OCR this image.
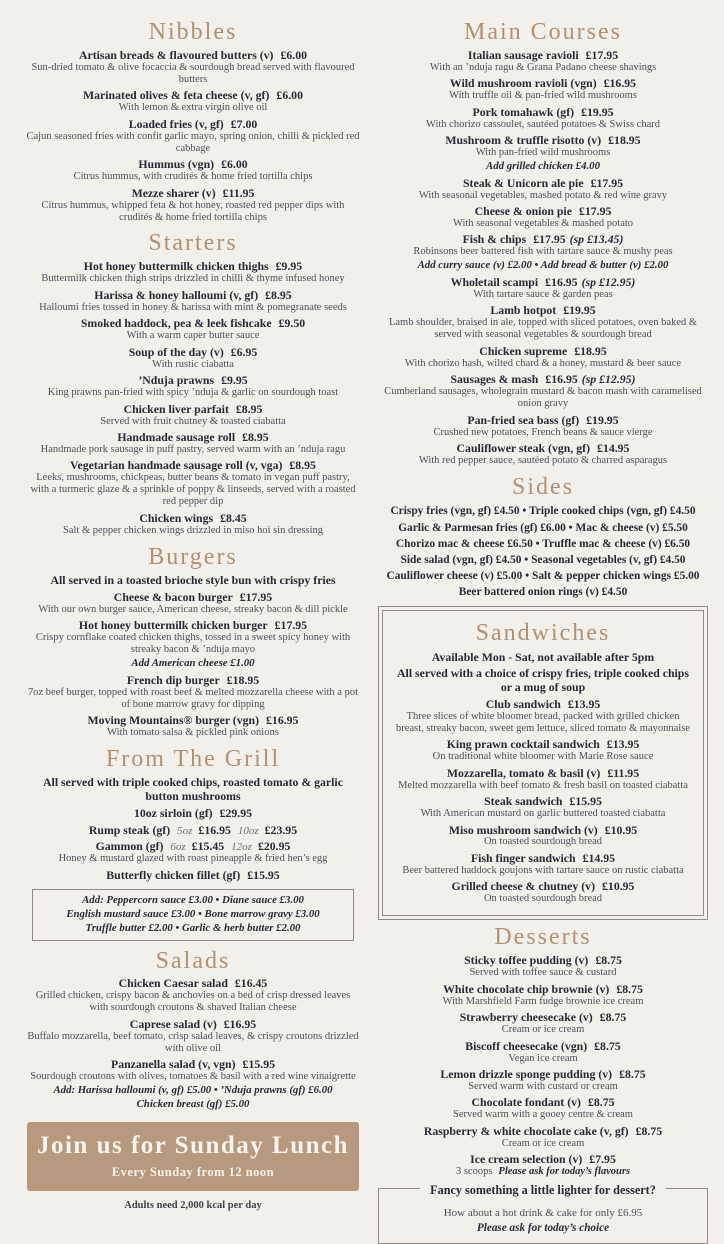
Nibbles
Artisan breads & flavoured butters (v) £6.00
Sun-dried tomato & olive focaccia & sourdough bread served with flavoured butters
Marinated olives & feta cheese (v, gf) £6.00
With lemon & extra virgin olive oil
Loaded fries (v, gf) £7.00
Cajun seasoned fries with confit garlic mayo, spring onion, chilli & pickled red cabbage
Hummus (vgn) £6.00
Citrus hummus, with crudités & home fried tortilla chips
Mezze sharer (v) £11.95
Citrus hummus, whipped feta & hot honey, roasted red pepper dips with crudités & home fried tortilla chips
Starters
Hot honey buttermilk chicken thighs £9.95
Buttermilk chicken thigh strips drizzled in chilli & thyme infused honey
Harissa & honey halloumi (v, gf) £8.95
Halloumi fries tossed in honey & harissa with mint & pomegranate seeds
Smoked haddock, pea & leek fishcake £9.50
With a warm caper butter sauce
Soup of the day (v) £6.95
With rustic ciabatta
’Nduja prawns £9.95
King prawns pan-fried with spicy ’nduja & garlic on sourdough toast
Chicken liver parfait £8.95
Served with fruit chutney & toasted ciabatta
Handmade sausage roll £8.95
Handmade pork sausage in puff pastry, served warm with an ’nduja ragu
Vegetarian handmade sausage roll (v, vga) £8.95
Leeks, mushrooms, chickpeas, butter beans & tomato in vegan puff pastry, with a turmeric glaze & a sprinkle of poppy & linseeds, served with a roasted red pepper dip
Chicken wings £8.45
Salt & pepper chicken wings drizzled in miso hoi sin dressing
Burgers
All served in a toasted brioche style bun with crispy fries
Cheese & bacon burger £17.95
With our own burger sauce, American cheese, streaky bacon & dill pickle
Hot honey buttermilk chicken burger £17.95
Crispy cornflake coated chicken thighs, tossed in a sweet spicy honey with streaky bacon & ’nduja mayo
Add American cheese £1.00
French dip burger £18.95
7oz beef burger, topped with roast beef & melted mozzarella cheese with a pot of bone marrow gravy for dipping
Moving Mountains® burger (vgn) £16.95
With tomato salsa & pickled pink onions
From The Grill
All served with triple cooked chips, roasted tomato & garlic button mushrooms
10oz sirloin (gf) £29.95
Rump steak (gf) 5oz £16.95 10oz £23.95
Gammon (gf) 6oz £15.45 12oz £20.95
Honey & mustard glazed with roast pineapple & fried hen’s egg
Butterfly chicken fillet (gf) £15.95
Add: Peppercorn sauce £3.00 • Diane sauce £3.00
English mustard sauce £3.00 • Bone marrow gravy £3.00
Truffle butter £2.00 • Garlic & herb butter £2.00
Salads
Chicken Caesar salad £16.45
Grilled chicken, crispy bacon & anchovies on a bed of crisp dressed leaves with sourdough croutons & shaved Italian cheese
Caprese salad (v) £16.95
Buffalo mozzarella, beef tomato, crisp salad leaves, & crispy croutons drizzled with olive oil
Panzanella salad (v, vgn) £15.95
Sourdough croutons with olives, tomatoes & basil with a red wine vinaigrette
Add: Harissa halloumi (v, gf) £5.00 • ’Nduja prawns (gf) £6.00
Chicken breast (gf) £5.00
Join us for Sunday Lunch
Every Sunday from 12 noon
Adults need 2,000 kcal per day
Main Courses
Italian sausage ravioli £17.95
With an ’nduja ragu & Grana Padano cheese shavings
Wild mushroom ravioli (vgn) £16.95
With truffle oil & pan-fried wild mushrooms
Pork tomahawk (gf) £19.95
With chorizo cassoulet, sautéed potatoes & Swiss chard
Mushroom & truffle risotto (v) £18.95
With pan-fried wild mushrooms
Add grilled chicken £4.00
Steak & Unicorn ale pie £17.95
With seasonal vegetables, mashed potato & red wine gravy
Cheese & onion pie £17.95
With seasonal vegetables & mashed potato
Fish & chips £17.95 (sp £13.45)
Robinsons beer battered fish with tartare sauce & mushy peas
Add curry sauce (v) £2.00 • Add bread & butter (v) £2.00
Wholetail scampi £16.95 (sp £12.95)
With tartare sauce & garden peas
Lamb hotpot £19.95
Lamb shoulder, braised in ale, topped with sliced potatoes, oven baked & served with seasonal vegetables & sourdough bread
Chicken supreme £18.95
With chorizo hash, wilted chard & a honey, mustard & beer sauce
Sausages & mash £16.95 (sp £12.95)
Cumberland sausages, wholegrain mustard & bacon mash with caramelised onion gravy
Pan-fried sea bass (gf) £19.95
Crushed new potatoes, French beans & sauce vierge
Cauliflower steak (vgn, gf) £14.95
With red pepper sauce, sautéed potato & charred asparagus
Sides
Crispy fries (vgn, gf) £4.50 • Triple cooked chips (vgn, gf) £4.50
Garlic & Parmesan fries (gf) £6.00 • Mac & cheese (v) £5.50
Chorizo mac & cheese £6.50 • Truffle mac & cheese (v) £6.50
Side salad (vgn, gf) £4.50 • Seasonal vegetables (v, gf) £4.50
Cauliflower cheese (v) £5.00 • Salt & pepper chicken wings £5.00
Beer battered onion rings (v) £4.50
Sandwiches
Available Mon - Sat, not available after 5pm
All served with a choice of crispy fries, triple cooked chips or a mug of soup
Club sandwich £13.95
Three slices of white bloomer bread, packed with grilled chicken breast, streaky bacon, sweet gem lettuce, sliced tomato & mayonnaise
King prawn cocktail sandwich £13.95
On traditional white bloomer with Marie Rose sauce
Mozzarella, tomato & basil (v) £11.95
Melted mozzarella with beef tomato & fresh basil on toasted ciabatta
Steak sandwich £15.95
With American mustard on garlic buttered toasted ciabatta
Miso mushroom sandwich (v) £10.95
On toasted sourdough bread
Fish finger sandwich £14.95
Beer battered haddock goujons with tartare sauce on rustic ciabatta
Grilled cheese & chutney (v) £10.95
On toasted sourdough bread
Desserts
Sticky toffee pudding (v) £8.75
Served with toffee sauce & custard
White chocolate chip brownie (v) £8.75
With Marshfield Farm fudge brownie ice cream
Strawberry cheesecake (v) £8.75
Cream or ice cream
Biscoff cheesecake (vgn) £8.75
Vegan ice cream
Lemon drizzle sponge pudding (v) £8.75
Served warm with custard or cream
Chocolate fondant (v) £8.75
Served warm with a gooey centre & cream
Raspberry & white chocolate cake (v, gf) £8.75
Cream or ice cream
Ice cream selection (v) £7.95
3 scoops Please ask for today’s flavours
Fancy something a little lighter for dessert?
How about a hot drink & cake for only £6.95
Please ask for today’s choice
